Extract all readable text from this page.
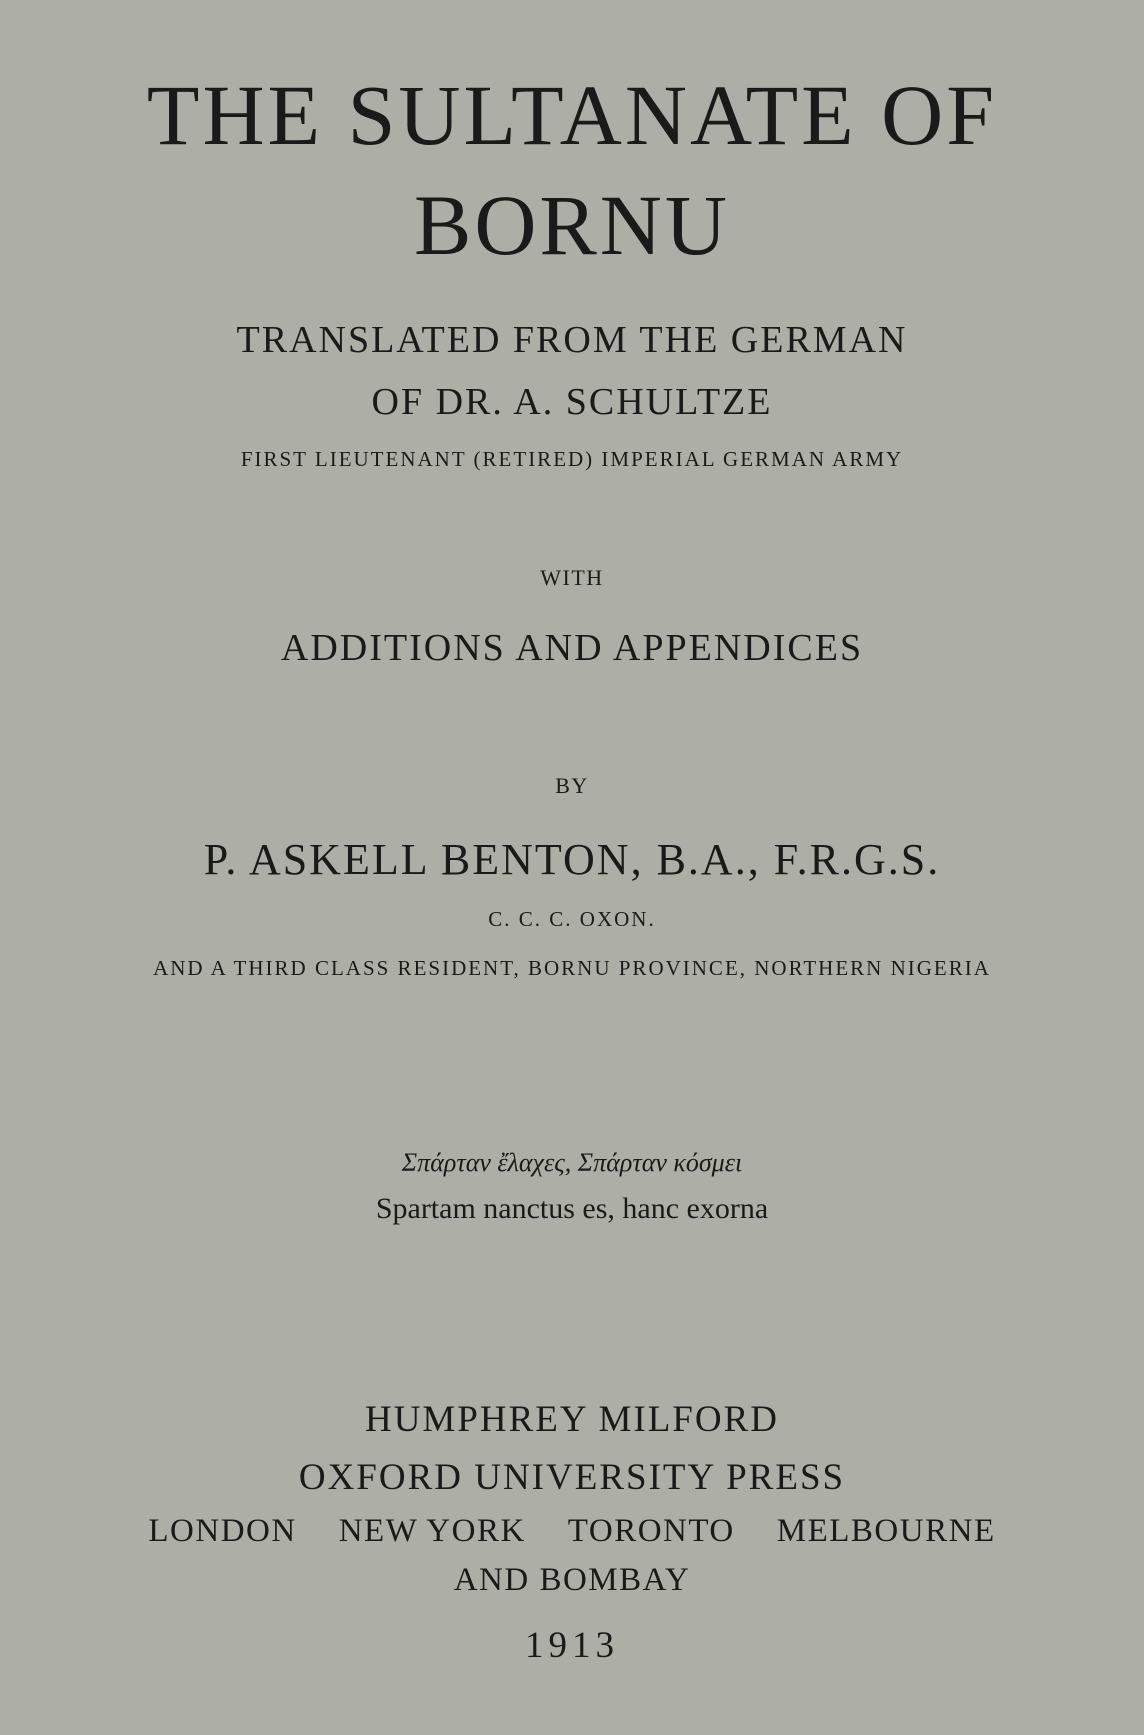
THE SULTANATE OF
BORNU
TRANSLATED FROM THE GERMAN
OF DR. A. SCHULTZE
FIRST LIEUTENANT (RETIRED) IMPERIAL GERMAN ARMY
WITH
ADDITIONS AND APPENDICES
BY
P. ASKELL BENTON, B.A., F.R.G.S.
C. C. C. OXON.
AND A THIRD CLASS RESIDENT, BORNU PROVINCE, NORTHERN NIGERIA
Σπάρταν ἔλαχες, Σπάρταν κόσμει
Spartam nanctus es, hanc exorna
HUMPHREY MILFORD
OXFORD UNIVERSITY PRESS
LONDON NEW YORK TORONTO MELBOURNE
AND BOMBAY
1913
